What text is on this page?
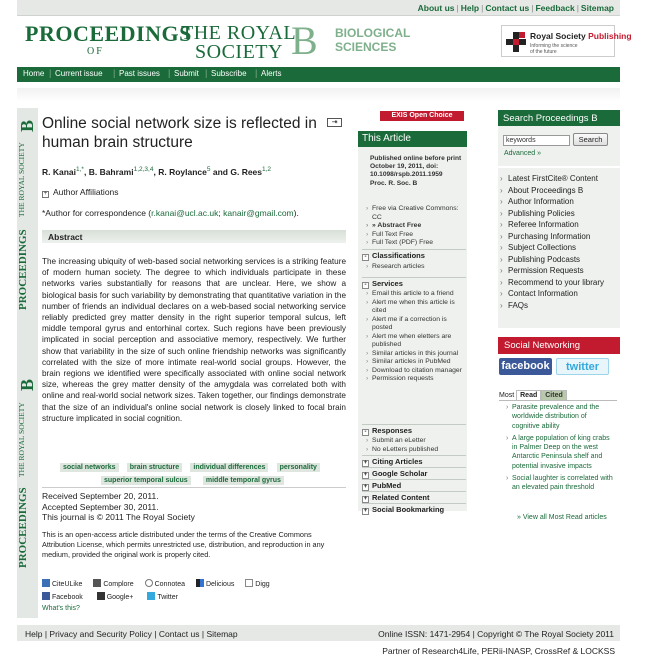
About us | Help | Contact us | Feedback | Sitemap
PROCEEDINGS
OF
THE ROYAL
SOCIETY B BIOLOGICAL
SCIENCES
Royal Society Publishing
Informing the science
of the future
Home | Current issue | Past issues | Submit | Subscribe | Alerts
B
THE ROYAL SOCIETY
PROCEEDINGS
B
THE ROYAL SOCIETY
PROCEEDINGS
Online social network size is reflected in human brain structure
⇥
R. Kanai$^{1,*}$, B. Bahrami$^{1,2,3,4}$, R. Roylance$^5$ and G. Rees$^{1,2}$
+ Author Affiliations
*Author for correspondence (r.kanai@ucl.ac.uk; kanair@gmail.com).
Abstract
The increasing ubiquity of web-based social networking services is a striking feature of modern human society. The degree to which individuals participate in these networks varies substantially for reasons that are unclear. Here, we show a biological basis for such variability by demonstrating that quantitative variation in the number of friends an individual declares on a web-based social networking service reliably predicted grey matter density in the right superior temporal sulcus, left middle temporal gyrus and entorhinal cortex. Such regions have been previously implicated in social perception and associative memory, respectively. We further show that variability in the size of such online friendship networks was significantly correlated with the size of more intimate real-world social groups. However, the brain regions we identified were specifically associated with online social network size, whereas the grey matter density of the amygdala was correlated both with online and real-world social network sizes. Taken together, our findings demonstrate that the size of an individual's online social network is closely linked to focal brain structure implicated in social cognition.
social networks brain structure individual differences personality
superior temporal sulcus	middle temporal gyrus
Received September 20, 2011.
Accepted September 30, 2011.
This journal is © 2011 The Royal Society
This is an open-access article distributed under the terms of the Creative Commons Attribution License, which permits unrestricted use, distribution, and reproduction in any medium, provided the original work is properly cited.
CiteULike	Complore	Connotea	Delicious	Digg
Facebook	Google+	Twitter
What's this?
EXIS Open Choice
This Article
Published online before print October 19, 2011, doi: 10.1098/rspb.2011.1959
Proc. R. Soc. B
› Free via Creative Commons: CC
› » Abstract Free
› Full Text Free
› Full Text (PDF) Free
- Classifications
› Research articles
- Services
› Email this article to a friend
› Alert me when this article is cited
› Alert me if a correction is posted
› Alert me when eletters are published
› Similar articles in this journal
› Similar articles in PubMed
› Download to citation manager
› Permission requests
- Responses
› Submit an eLetter
› No eLetters published
+ Citing Articles
+ Google Scholar
+ PubMed
+ Related Content
+ Social Bookmarking
Search Proceedings B
keywords	Search
Advanced »
› Latest FirstCite® Content
› About Proceedings B
› Author Information
› Publishing Policies
› Referee Information
› Purchasing Information
› Subject Collections
› Publishing Podcasts
› Permission Requests
› Recommend to your library
› Contact Information
› FAQs
Social Networking
facebook	twitter
Most Read Cited
› Parasite prevalence and the worldwide distribution of cognitive ability
› A large population of king crabs in Palmer Deep on the west Antarctic Peninsula shelf and potential invasive impacts
› Social laughter is correlated with an elevated pain threshold
» View all Most Read articles
Help | Privacy and Security Policy | Contact us | Sitemap	Online ISSN: 1471-2954 | Copyright © The Royal Society 2011
Partner of Research4Life, PERii-INASP, CrossRef & LOCKSS
